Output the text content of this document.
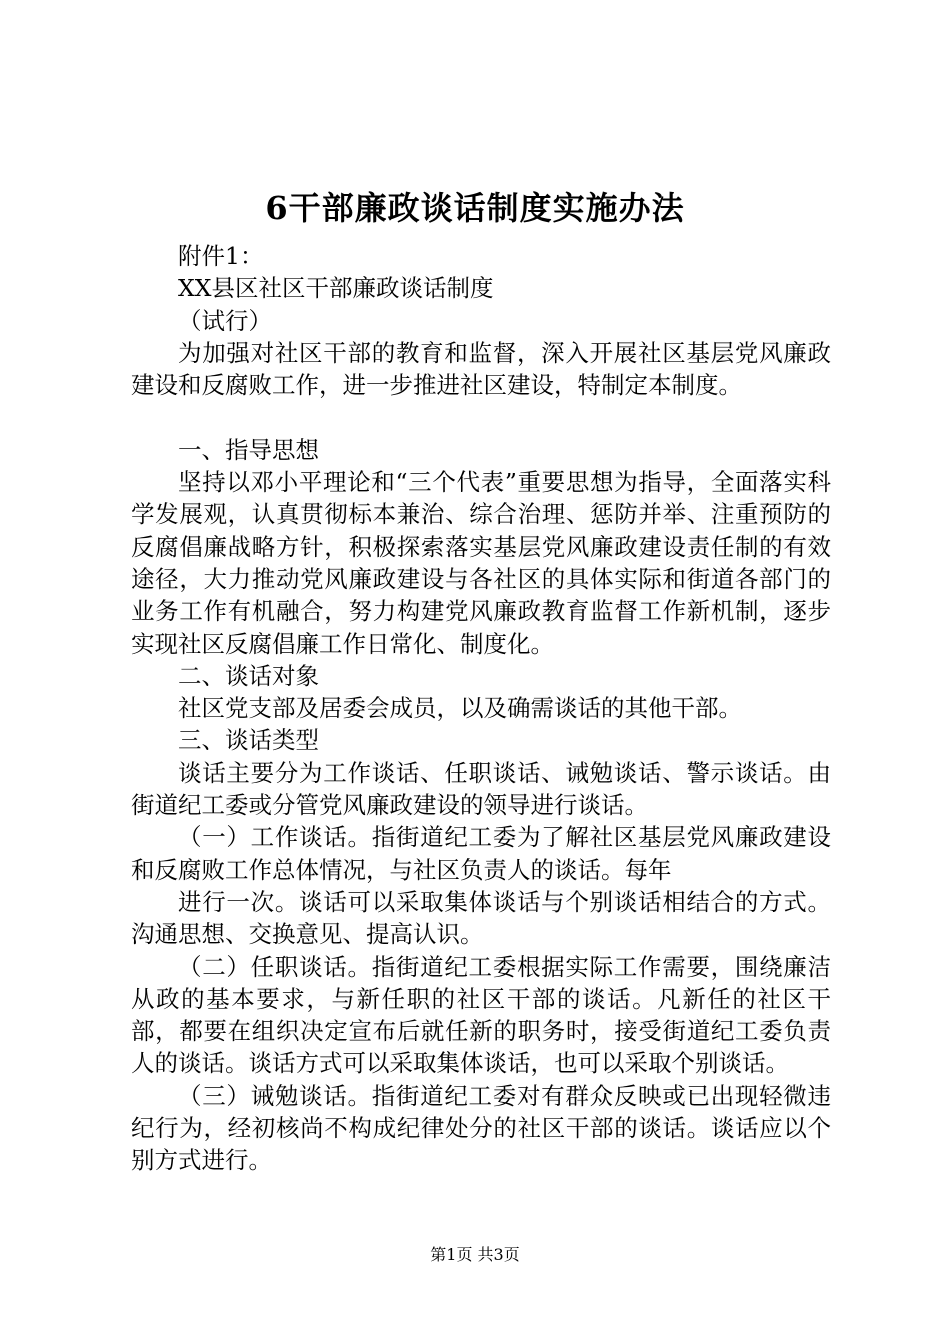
6干部廉政谈话制度实施办法

附件1：

XX县区社区干部廉政谈话制度

（试行）

为加强对社区干部的教育和监督，深入开展社区基层党风廉政建设和反腐败工作，进一步推进社区建设，特制定本制度。

一、指导思想

坚持以邓小平理论和“三个代表”重要思想为指导，全面落实科学发展观，认真贯彻标本兼治、综合治理、惩防并举、注重预防的反腐倡廉战略方针，积极探索落实基层党风廉政建设责任制的有效途径，大力推动党风廉政建设与各社区的具体实际和街道各部门的业务工作有机融合，努力构建党风廉政教育监督工作新机制，逐步实现社区反腐倡廉工作日常化、制度化。

二、谈话对象

社区党支部及居委会成员，以及确需谈话的其他干部。

三、谈话类型

谈话主要分为工作谈话、任职谈话、诫勉谈话、警示谈话。由街道纪工委或分管党风廉政建设的领导进行谈话。

（一）工作谈话。指街道纪工委为了解社区基层党风廉政建设和反腐败工作总体情况，与社区负责人的谈话。每年

进行一次。谈话可以采取集体谈话与个别谈话相结合的方式。沟通思想、交换意见、提高认识。

（二）任职谈话。指街道纪工委根据实际工作需要，围绕廉洁从政的基本要求，与新任职的社区干部的谈话。凡新任的社区干部，都要在组织决定宣布后就任新的职务时，接受街道纪工委负责人的谈话。谈话方式可以采取集体谈话，也可以采取个别谈话。

（三）诫勉谈话。指街道纪工委对有群众反映或已出现轻微违纪行为，经初核尚不构成纪律处分的社区干部的谈话。谈话应以个别方式进行。

第1页 共3页
